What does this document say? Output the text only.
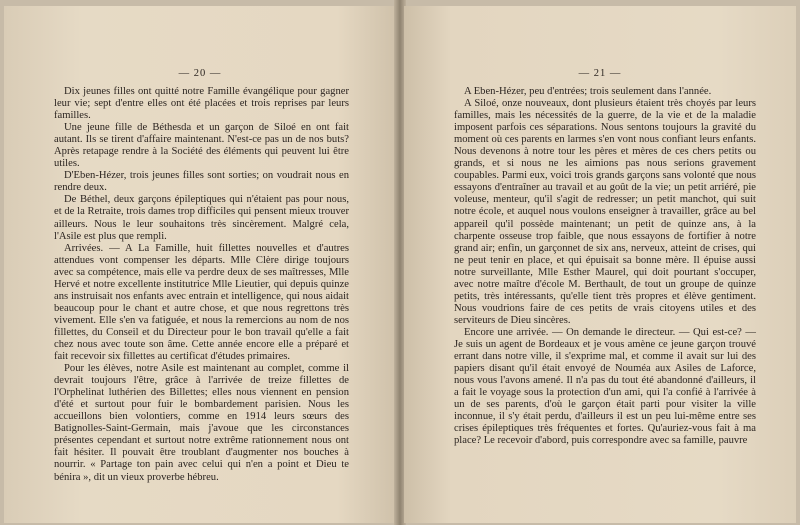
— 20 —

Dix jeunes filles ont quitté notre Famille évangélique pour gagner leur vie; sept d'entre elles ont été placées et trois reprises par leurs familles.

Une jeune fille de Béthesda et un garçon de Siloé en ont fait autant. Ils se tirent d'affaire maintenant. N'est-ce pas un de nos buts? Après retapage rendre à la Société des éléments qui peuvent lui être utiles.

D'Eben-Hézer, trois jeunes filles sont sorties; on voudrait nous en rendre deux.

De Béthel, deux garçons épileptiques qui n'étaient pas pour nous, et de la Retraite, trois dames trop difficiles qui pensent mieux trouver ailleurs. Nous le leur souhaitons très sincèrement. Malgré cela, l'Asile est plus que rempli.

Arrivées. — A La Famille, huit fillettes nouvelles et d'autres attendues vont compenser les départs. Mlle Clère dirige toujours avec sa compétence, mais elle va perdre deux de ses maîtresses, Mlle Hervé et notre excellente institutrice Mlle Lieutier, qui depuis quinze ans instruisait nos enfants avec entrain et intelligence, qui nous aidait beaucoup pour le chant et autre chose, et que nous regrettons très vivement. Elle s'en va fatiguée, et nous la remercions au nom de nos fillettes, du Conseil et du Directeur pour le bon travail qu'elle a fait chez nous avec toute son âme. Cette année encore elle a préparé et fait recevoir six fillettes au certificat d'études primaires.

Pour les élèves, notre Asile est maintenant au complet, comme il devrait toujours l'être, grâce à l'arrivée de treize fillettes de l'Orphelinat luthérien des Billettes; elles nous viennent en pension d'été et surtout pour fuir le bombardement parisien. Nous les accueillons bien volontiers, comme en 1914 leurs sœurs des Batignolles-Saint-Germain, mais j'avoue que les circonstances présentes cependant et surtout notre extrême rationnement nous ont fait hésiter. Il pouvait être troublant d'augmenter nos bouches à nourrir. « Partage ton pain avec celui qui n'en a point et Dieu te bénira », dit un vieux proverbe hébreu.

— 21 —

A Eben-Hézer, peu d'entrées; trois seulement dans l'année.

A Siloé, onze nouveaux, dont plusieurs étaient très choyés par leurs familles, mais les nécessités de la guerre, de la vie et de la maladie imposent parfois ces séparations. Nous sentons toujours la gravité du moment où ces parents en larmes s'en vont nous confiant leurs enfants. Nous devenons à notre tour les pères et mères de ces chers petits ou grands, et si nous ne les aimions pas nous serions gravement coupables. Parmi eux, voici trois grands garçons sans volonté que nous essayons d'entraîner au travail et au goût de la vie; un petit arriéré, pie voleuse, menteur, qu'il s'agit de redresser; un petit manchot, qui suit notre école, et auquel nous voulons enseigner à travailler, grâce au bel appareil qu'il possède maintenant; un petit de quinze ans, à la charpente osseuse trop faible, que nous essayons de fortifier à notre grand air; enfin, un garçonnet de six ans, nerveux, atteint de crises, qui ne peut tenir en place, et qui épuisait sa bonne mère. Il épuise aussi notre surveillante, Mlle Esther Maurel, qui doit pourtant s'occuper, avec notre maître d'école M. Berthault, de tout un groupe de quinze petits, très intéressants, qu'elle tient très propres et élève gentiment. Nous voudrions faire de ces petits de vrais citoyens utiles et des serviteurs de Dieu sincères.

Encore une arrivée. — On demande le directeur. — Qui est-ce? — Je suis un agent de Bordeaux et je vous amène ce jeune garçon trouvé errant dans notre ville, il s'exprime mal, et comme il avait sur lui des papiers disant qu'il était envoyé de Nouméa aux Asiles de Laforce, nous vous l'avons amené. Il n'a pas du tout été abandonné d'ailleurs, il a fait le voyage sous la protection d'un ami, qui l'a confié à l'arrivée à un de ses parents, d'où le garçon était parti pour visiter la ville inconnue, il s'y était perdu, d'ailleurs il est un peu lui-même entre ses crises épileptiques très fréquentes et fortes. Qu'auriez-vous fait à ma place? Le recevoir d'abord, puis correspondre avec sa famille, pauvre
